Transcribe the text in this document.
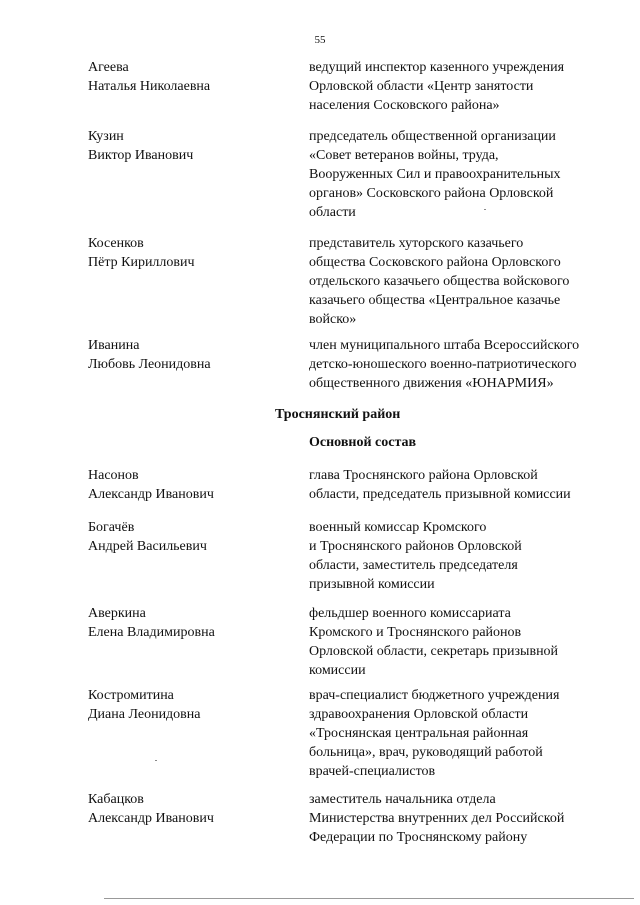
55
Агеева
Наталья Николаевна
ведущий инспектор казенного учреждения
Орловской области «Центр занятости
населения Сосковского района»
Кузин
Виктор Иванович
председатель общественной организации
«Совет ветеранов войны, труда,
Вооруженных Сил и правоохранительных
органов» Сосковского района Орловской
области
Косенков
Пётр Кириллович
представитель хуторского казачьего
общества Сосковского района Орловского
отдельского казачьего общества войскового
казачьего общества «Центральное казачье
войско»
Иванина
Любовь Леонидовна
член муниципального штаба Всероссийского
детско-юношеского военно-патриотического
общественного движения «ЮНАРМИЯ»
Троснянский район
Основной состав
Насонов
Александр Иванович
глава Троснянского района Орловской
области, председатель призывной комиссии
Богачёв
Андрей Васильевич
военный комиссар Кромского
и Троснянского районов Орловской
области, заместитель председателя
призывной комиссии
Аверкина
Елена Владимировна
фельдшер военного комиссариата
Кромского и Троснянского районов
Орловской области, секретарь призывной
комиссии
Костромитина
Диана Леонидовна
врач-специалист бюджетного учреждения
здравоохранения Орловской области
«Троснянская центральная районная
больница», врач, руководящий работой
врачей-специалистов
Кабацков
Александр Иванович
заместитель начальника отдела
Министерства внутренних дел Российской
Федерации по Троснянскому району
